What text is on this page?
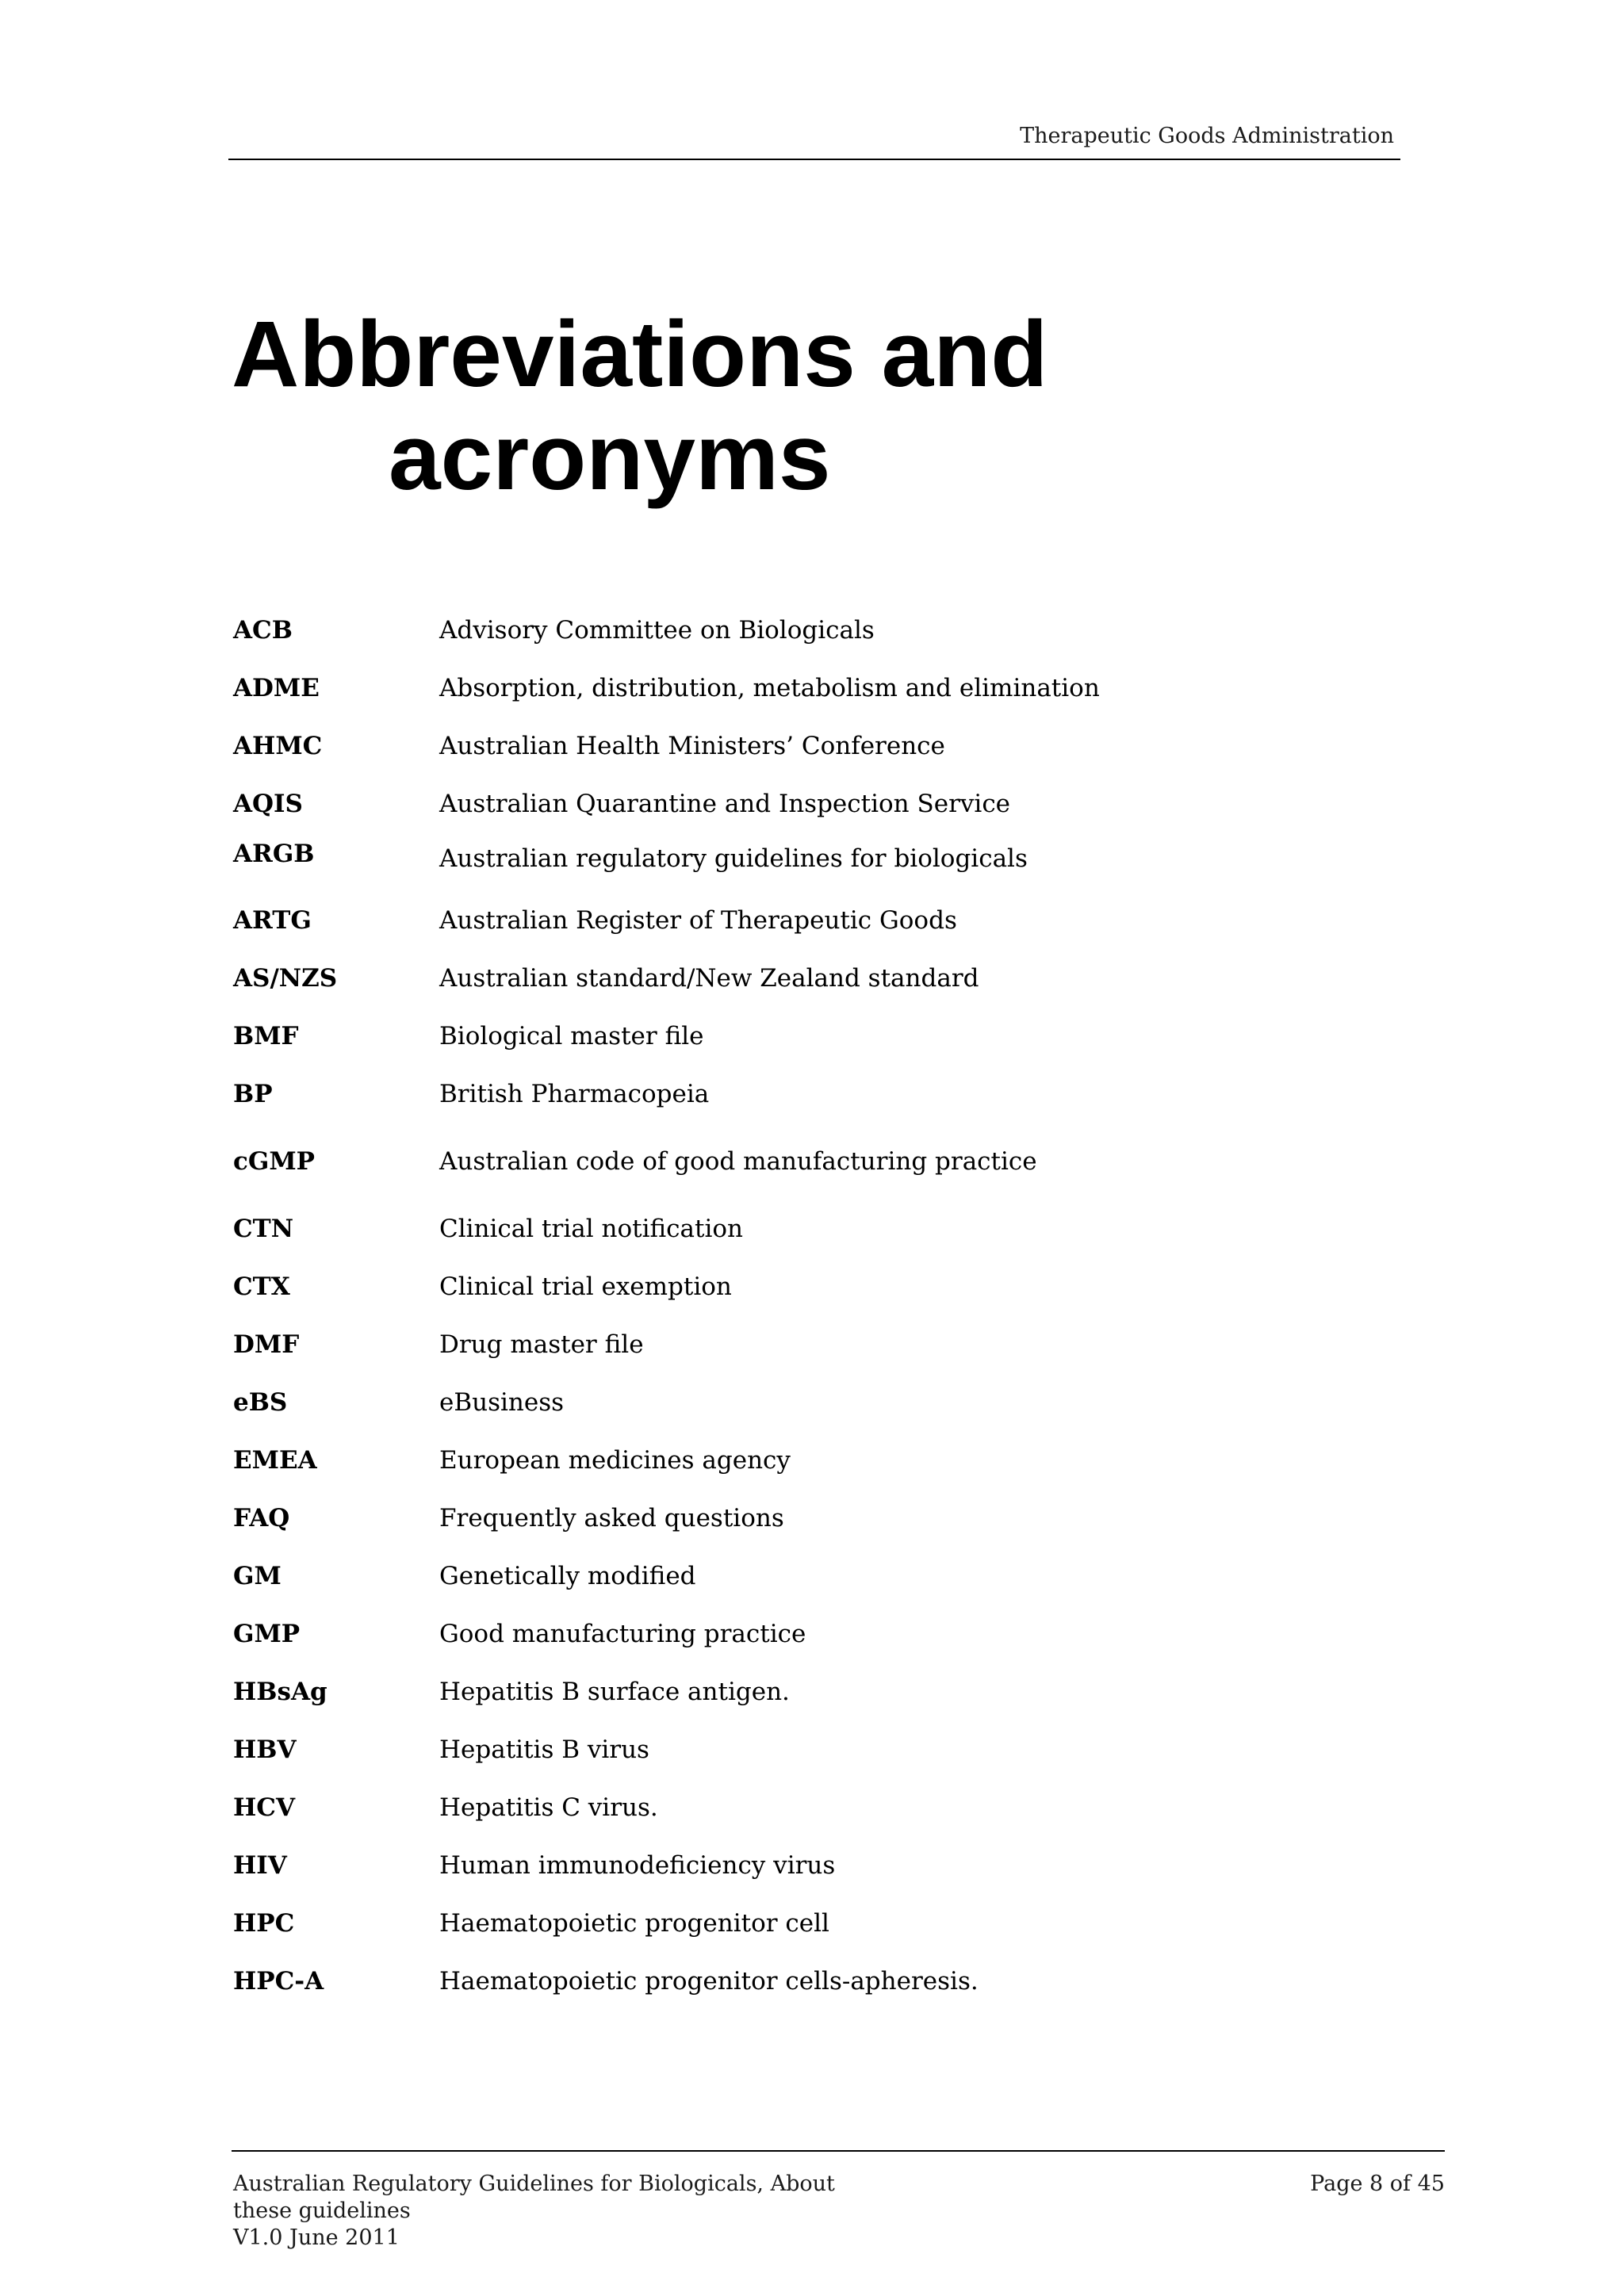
Therapeutic Goods Administration
Abbreviations and
acronyms
ACB	Advisory Committee on Biologicals
ADME	Absorption, distribution, metabolism and elimination
AHMC	Australian Health Ministers’ Conference
AQIS	Australian Quarantine and Inspection Service
ARGB	Australian regulatory guidelines for biologicals
ARTG	Australian Register of Therapeutic Goods
AS/NZS	Australian standard/New Zealand standard
BMF	Biological master file
BP	British Pharmacopeia
cGMP	Australian code of good manufacturing practice
CTN	Clinical trial notification
CTX	Clinical trial exemption
DMF	Drug master file
eBS	eBusiness
EMEA	European medicines agency
FAQ	Frequently asked questions
GM	Genetically modified
GMP	Good manufacturing practice
HBsAg	Hepatitis B surface antigen.
HBV	Hepatitis B virus
HCV	Hepatitis C virus.
HIV	Human immunodeficiency virus
HPC	Haematopoietic progenitor cell
HPC-A	Haematopoietic progenitor cells-apheresis.
Australian Regulatory Guidelines for Biologicals, About these guidelines
V1.0 June 2011
Page 8 of 45
